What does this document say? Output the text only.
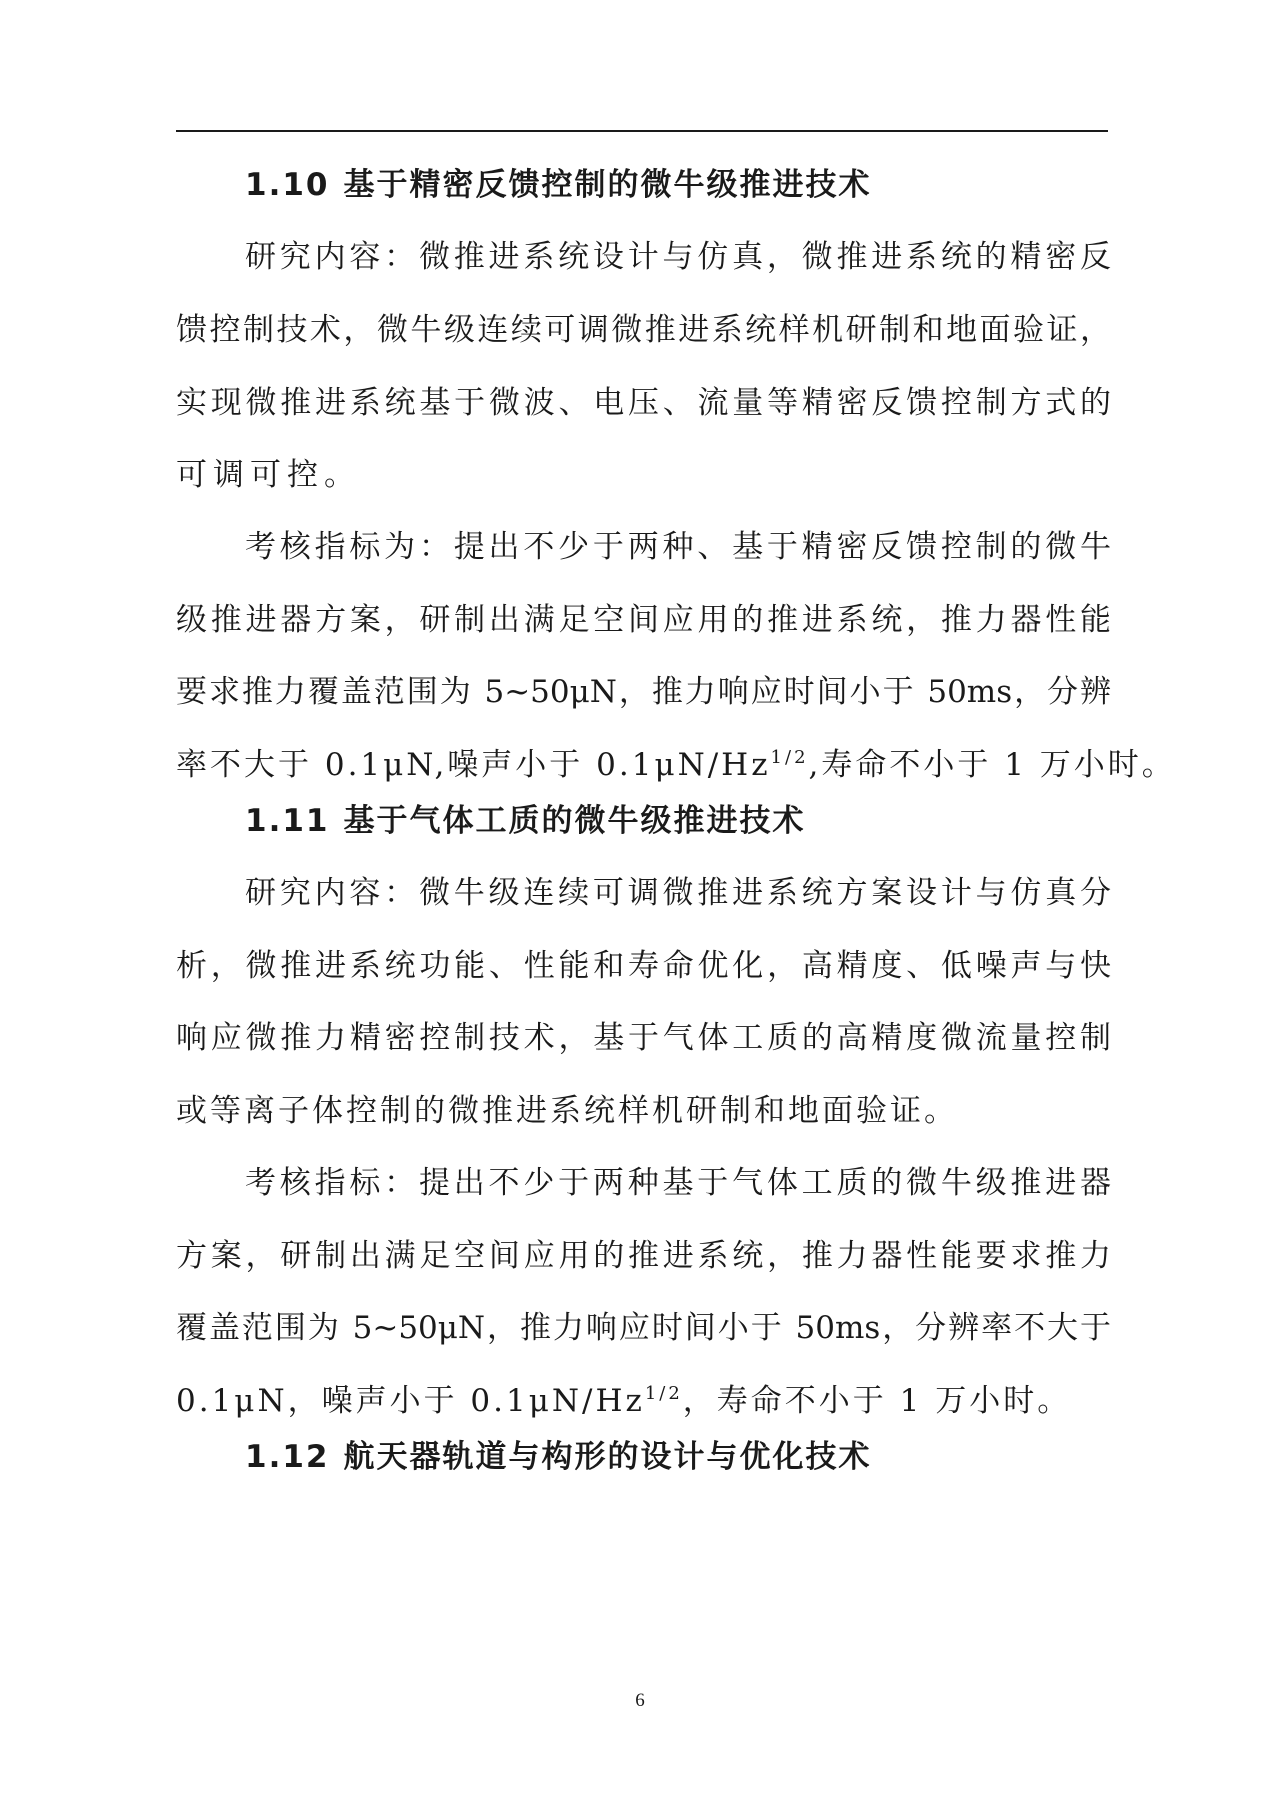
1.10 基于精密反馈控制的微牛级推进技术
研究内容：微推进系统设计与仿真，微推进系统的精密反
馈控制技术，微牛级连续可调微推进系统样机研制和地面验证，
实现微推进系统基于微波、电压、流量等精密反馈控制方式的
可调可控。
考核指标为：提出不少于两种、基于精密反馈控制的微牛
级推进器方案，研制出满足空间应用的推进系统，推力器性能
要求推力覆盖范围为 5~50μN，推力响应时间小于 50ms，分辨
率不大于 0.1μN,噪声小于 $0.1\mu N/Hz^{1/2}$,寿命不小于 1 万小时。
1.11 基于气体工质的微牛级推进技术
研究内容：微牛级连续可调微推进系统方案设计与仿真分
析，微推进系统功能、性能和寿命优化，高精度、低噪声与快
响应微推力精密控制技术，基于气体工质的高精度微流量控制
或等离子体控制的微推进系统样机研制和地面验证。
考核指标：提出不少于两种基于气体工质的微牛级推进器
方案，研制出满足空间应用的推进系统，推力器性能要求推力
覆盖范围为 5~50μN，推力响应时间小于 50ms，分辨率不大于
0.1μN，噪声小于 $0.1\mu N/Hz^{1/2}$，寿命不小于 1 万小时。
1.12 航天器轨道与构形的设计与优化技术
6
